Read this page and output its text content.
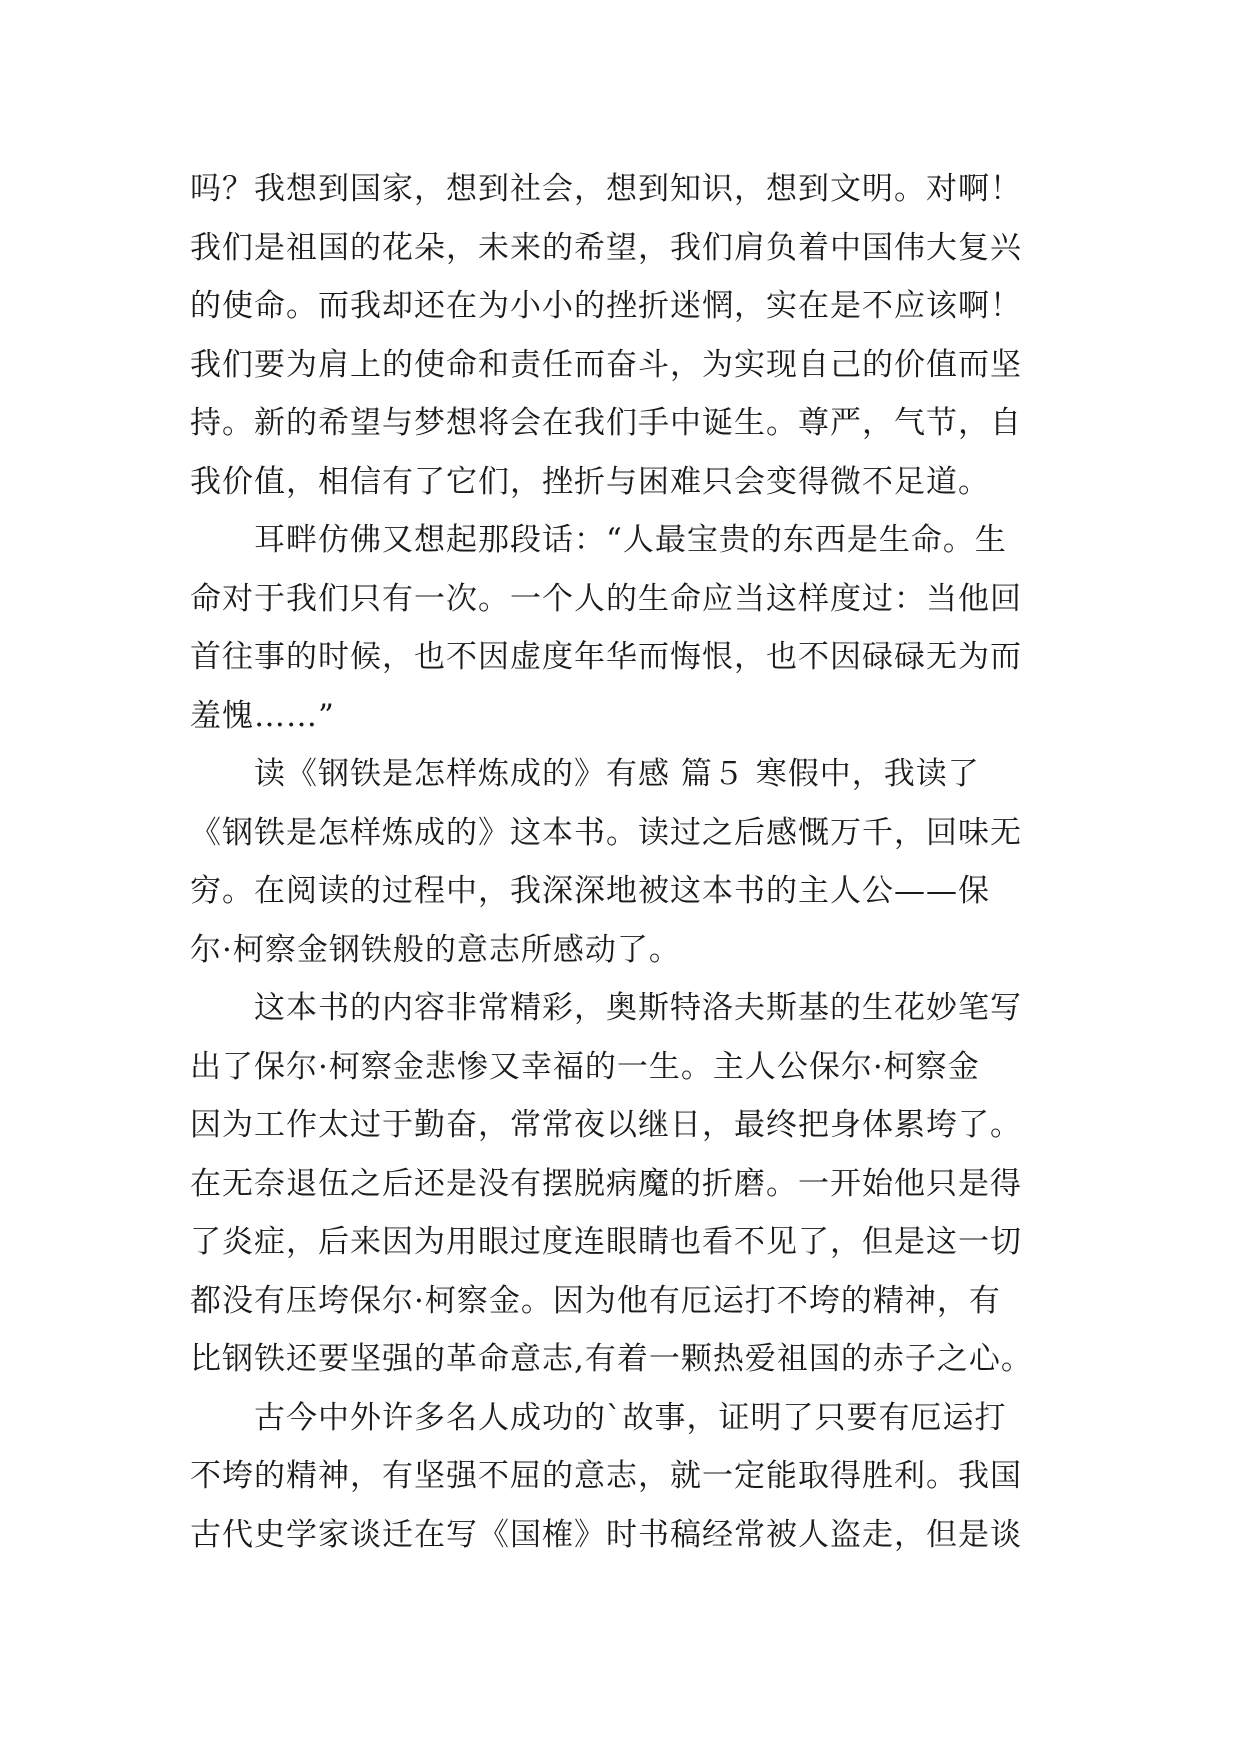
吗？我想到国家，想到社会，想到知识，想到文明。对啊！
我们是祖国的花朵，未来的希望，我们肩负着中国伟大复兴
的使命。而我却还在为小小的挫折迷惘，实在是不应该啊！
我们要为肩上的使命和责任而奋斗，为实现自己的价值而坚
持。新的希望与梦想将会在我们手中诞生。尊严，气节，自
我价值，相信有了它们，挫折与困难只会变得微不足道。
耳畔仿佛又想起那段话：“人最宝贵的东西是生命。生
命对于我们只有一次。一个人的生命应当这样度过：当他回
首往事的时候，也不因虚度年华而悔恨，也不因碌碌无为而
羞愧……”
读《钢铁是怎样炼成的》有感 篇５ 寒假中，我读了
《钢铁是怎样炼成的》这本书。读过之后感慨万千，回味无
穷。在阅读的过程中，我深深地被这本书的主人公——保
尔·柯察金钢铁般的意志所感动了。
这本书的内容非常精彩，奥斯特洛夫斯基的生花妙笔写
出了保尔·柯察金悲惨又幸福的一生。主人公保尔·柯察金
因为工作太过于勤奋，常常夜以继日，最终把身体累垮了。
在无奈退伍之后还是没有摆脱病魔的折磨。一开始他只是得
了炎症，后来因为用眼过度连眼睛也看不见了，但是这一切
都没有压垮保尔·柯察金。因为他有厄运打不垮的精神，有
比钢铁还要坚强的革命意志,有着一颗热爱祖国的赤子之心。
古今中外许多名人成功的`故事，证明了只要有厄运打
不垮的精神，有坚强不屈的意志，就一定能取得胜利。我国
古代史学家谈迁在写《国榷》时书稿经常被人盗走，但是谈
